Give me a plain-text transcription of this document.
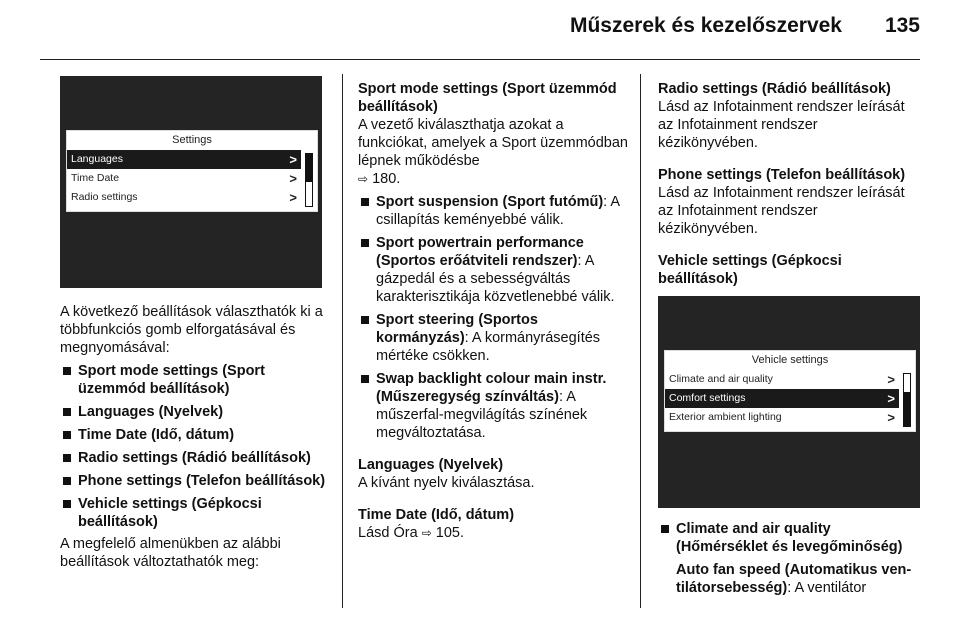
Műszerek és kezelőszervek 135
Settings
Languages	>
Time Date	>
Radio settings	>

A következő beállítások választhatók ki a többfunkciós gomb elforgatásával és megnyomásával:

Sport mode settings (Sport üzemmód beállítások)
Languages (Nyelvek)
Time Date (Idő, dátum)
Radio settings (Rádió beállítások)
Phone settings (Telefon beállítások)
Vehicle settings (Gépkocsi beállítások)

A megfelelő almenükben az alábbi beállítások változtathatók meg:

Sport mode settings (Sport üzemmód beállítások)

A vezető kiválaszthatja azokat a funkciókat, amelyek a Sport üzemmódban lépnek működésbe
⇨ 180.

Sport suspension (Sport futómű): A csillapítás keményebbé válik.
Sport powertrain performance (Sportos erőátviteli rendszer): A gázpedál és a sebességváltás karakterisztikája közvetlenebbé válik.
Sport steering (Sportos kormányzás): A kormányrásegítés mértéke csökken.
Swap backlight colour main instr. (Műszeregység színváltás): A műszerfal-megvilágítás színének megváltoztatása.

Languages (Nyelvek)

A kívánt nyelv kiválasztása.

Time Date (Idő, dátum)

Lásd Óra ⇨ 105.

Radio settings (Rádió beállítások)

Lásd az Infotainment rendszer leírását az Infotainment rendszer kézikönyvében.

Phone settings (Telefon beállítások)

Lásd az Infotainment rendszer leírását az Infotainment rendszer kézikönyvében.

Vehicle settings (Gépkocsi beállítások)

Vehicle settings
Climate and air quality	>
Comfort settings	>
Exterior ambient lighting	>
Climate and air quality (Hőmérséklet és levegőminőség)

Auto fan speed (Automatikus ven-tilátorsebesség): A ventilátor
